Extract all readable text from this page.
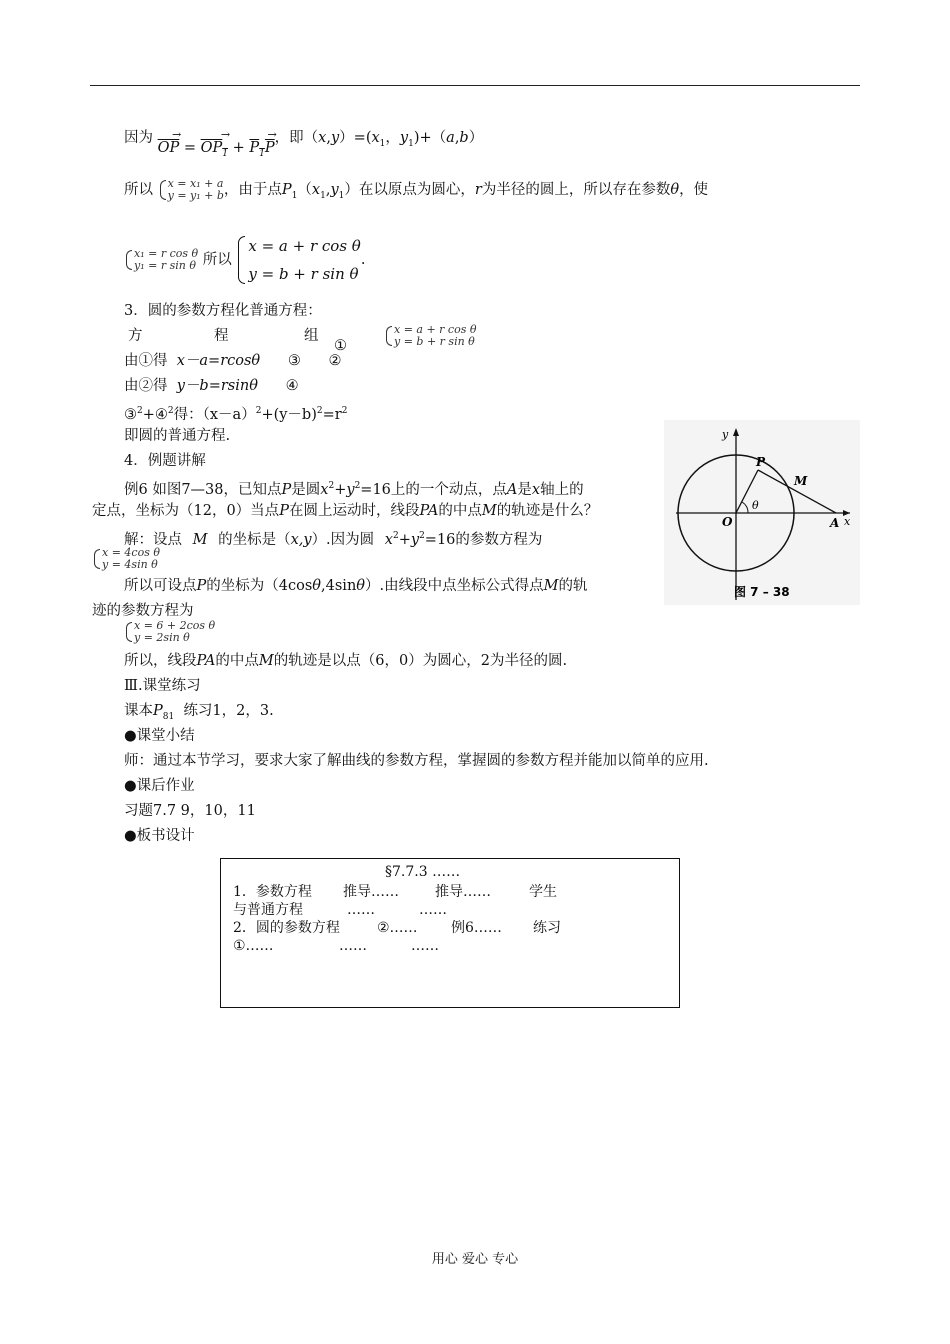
因为 $\overline{OP}$ → = $OP_1$ → + $P_1P$ →，即$(x,y)=(x_1$，$y_1)+(a,b)$
所以 x = x₁ + a
y = y₁ + b，由于点$P_1(x_1,y_1)$在以原点为圆心，r为半径的圆上，所以存在参数θ，使
x₁ = r cos θ
y₁ = r sin θ 所以 x = a + r cos θ
y = b + r sin θ.
3．圆的参数方程化普通方程：
方	程	组
①
x = a + r cos θ
y = b + r sin θ
由①得 x－a=rcosθ ③ ②
由②得 y－b=rsinθ ④
③$^2$+④$^2$得：$(x-a)^2+(y-b)^2=r^2$
即圆的普通方程.
4．例题讲解
例6 如图7—38，已知点P是圆$x^2+y^2=16$上的一个动点，点A是x轴上的
定点，坐标为（12，0）当点P在圆上运动时，线段PA的中点M的轨迹是什么？
解：设点 M 的坐标是（x,y）.因为圆 $x^2+y^2=16$的参数方程为
x = 4cos θ
y = 4sin θ
所以可设点P的坐标为（4cosθ,4sinθ）.由线段中点坐标公式得点M的轨
迹的参数方程为
x = 6 + 2cos θ
y = 2sin θ
所以，线段PA的中点M的轨迹是以点（6，0）为圆心，2为半径的圆.
Ⅲ.课堂练习
课本$P_{81}$ 练习1，2，3.
●课堂小结
师：通过本节学习，要求大家了解曲线的参数方程，掌握圆的参数方程并能加以简单的应用.
●课后作业
习题7.7 9，10，11
●板书设计
y
x
P
M
O
θ
A
图 7 – 38
§7.7.3 ……
1．参数方程 推导……	推导……	学生
与普通方程	……	……
2．圆的参数方程	②…… 例6…… 练习
①……	……	……
用心 爱心 专心
